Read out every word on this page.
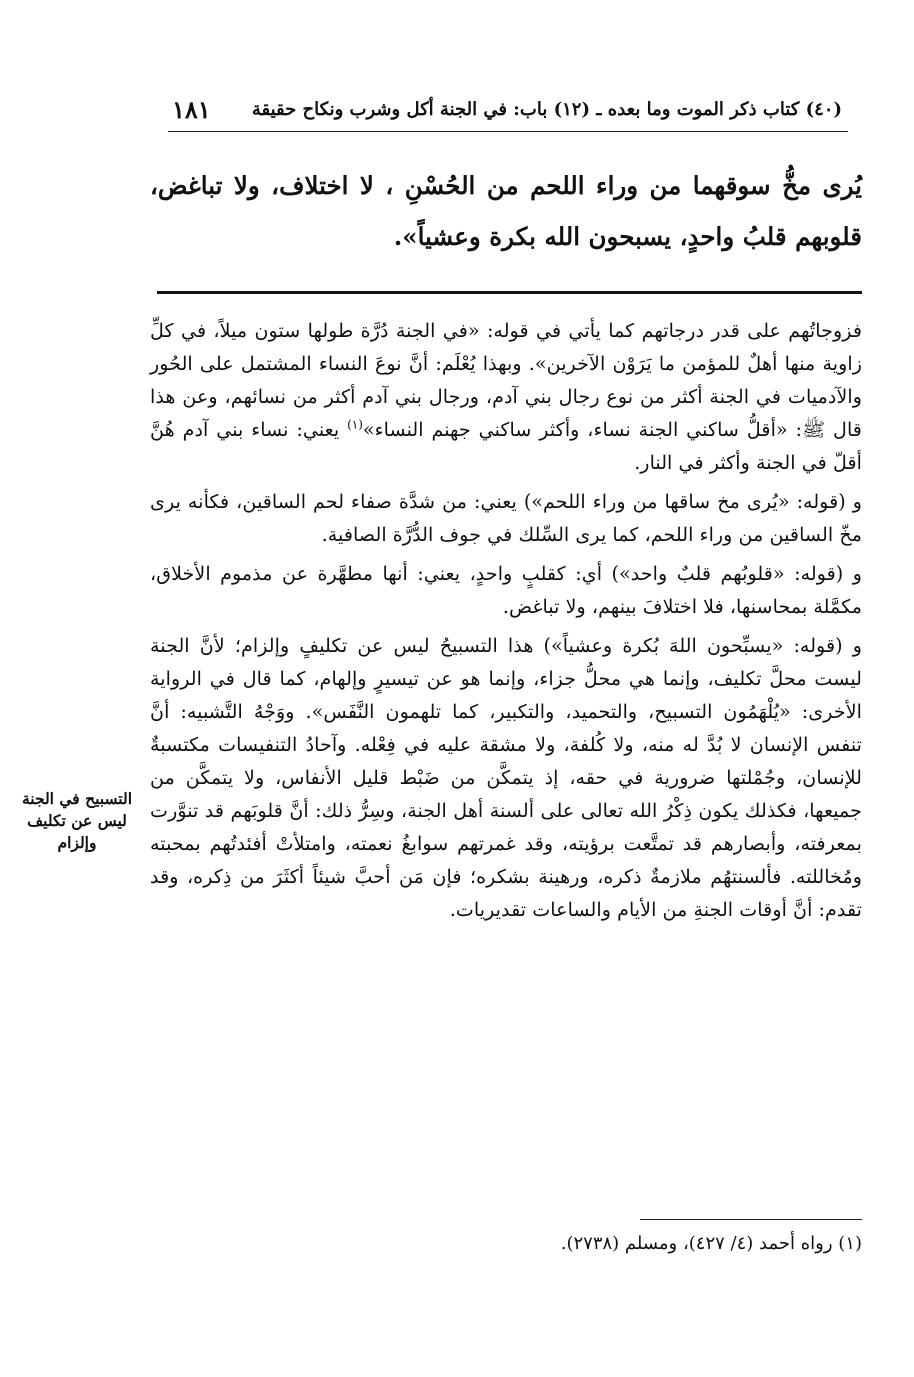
(٤٠) كتاب ذكر الموت وما بعده ـ (١٢) باب: في الجنة أكل وشرب ونكاح حقيقة
١٨١
يُرى مخُّ سوقهما من وراء اللحم من الحُسْنِ ، لا اختلاف، ولا تباغض، قلوبهم قلبُ واحدٍ، يسبحون الله بكرة وعشياً».

فزوجاتُهم على قدر درجاتهم كما يأتي في قوله: «في الجنة دُرَّة طولها ستون ميلاً، في كلِّ زاوية منها أهلٌ للمؤمن ما يَرَوْن الآخرين». وبهذا يُعْلَم: أنَّ نوعَ النساء المشتمل على الحُور والآدميات في الجنة أكثر من نوع رجال بني آدم، ورجال بني آدم أكثر من نسائهم، وعن هذا قال ﷺ: «أقلُّ ساكني الجنة نساء، وأكثر ساكني جهنم النساء»$^{(١)}$ يعني: نساء بني آدم هُنَّ أقلّ في الجنة وأكثر في النار.

و (قوله: «يُرى مخ ساقها من وراء اللحم») يعني: من شدَّة صفاء لحم الساقين، فكأنه يرى مخّ الساقين من وراء اللحم، كما يرى السِّلك في جوف الدُّرَّة الصافية.

و (قوله: «قلوبُهم قلبٌ واحد») أي: كقلبٍ واحدٍ، يعني: أنها مطهَّرة عن مذموم الأخلاق، مكمَّلة بمحاسنها، فلا اختلافَ بينهم، ولا تباغض.

و (قوله: «يسبِّحون اللهَ بُكرة وعشياً») هذا التسبيحُ ليس عن تكليفٍ وإلزام؛ لأنَّ الجنة ليست محلَّ تكليف، وإنما هي محلُّ جزاء، وإنما هو عن تيسيرٍ وإلهام، كما قال في الرواية الأخرى: «يُلْهَمُون التسبيح، والتحميد، والتكبير، كما تلهمون النَّفَس». ووَجْهُ التَّشبيه: أنَّ تنفس الإنسان لا بُدَّ له منه، ولا كُلفة، ولا مشقة عليه في فِعْله. وآحادُ التنفيسات مكتسبةٌ للإنسان، وجُمْلتها ضرورية في حقه، إذ يتمكَّن من ضَبْط قليل الأنفاس، ولا يتمكَّن من جميعها، فكذلك يكون ذِكْرُ الله تعالى على ألسنة أهل الجنة، وسِرُّ ذلك: أنَّ قلوبَهم قد تنوَّرت بمعرفته، وأبصارهم قد تمتَّعت برؤيته، وقد غمرتهم سوابغُ نعمته، وامتلأتْ أفئدتُهم بمحبته ومُخاللته. فألسنتهُم ملازمةٌ ذكره، ورهينة بشكره؛ فإن مَن أحبَّ شيئاً أكثَرَ من ذِكره، وقد تقدم: أنَّ أوقات الجنةِ من الأيام والساعات تقديريات.

التسبيح في الجنة ليس عن تكليف وإلزام
(١) رواه أحمد (٤/ ٤٢٧)، ومسلم (٢٧٣٨).
